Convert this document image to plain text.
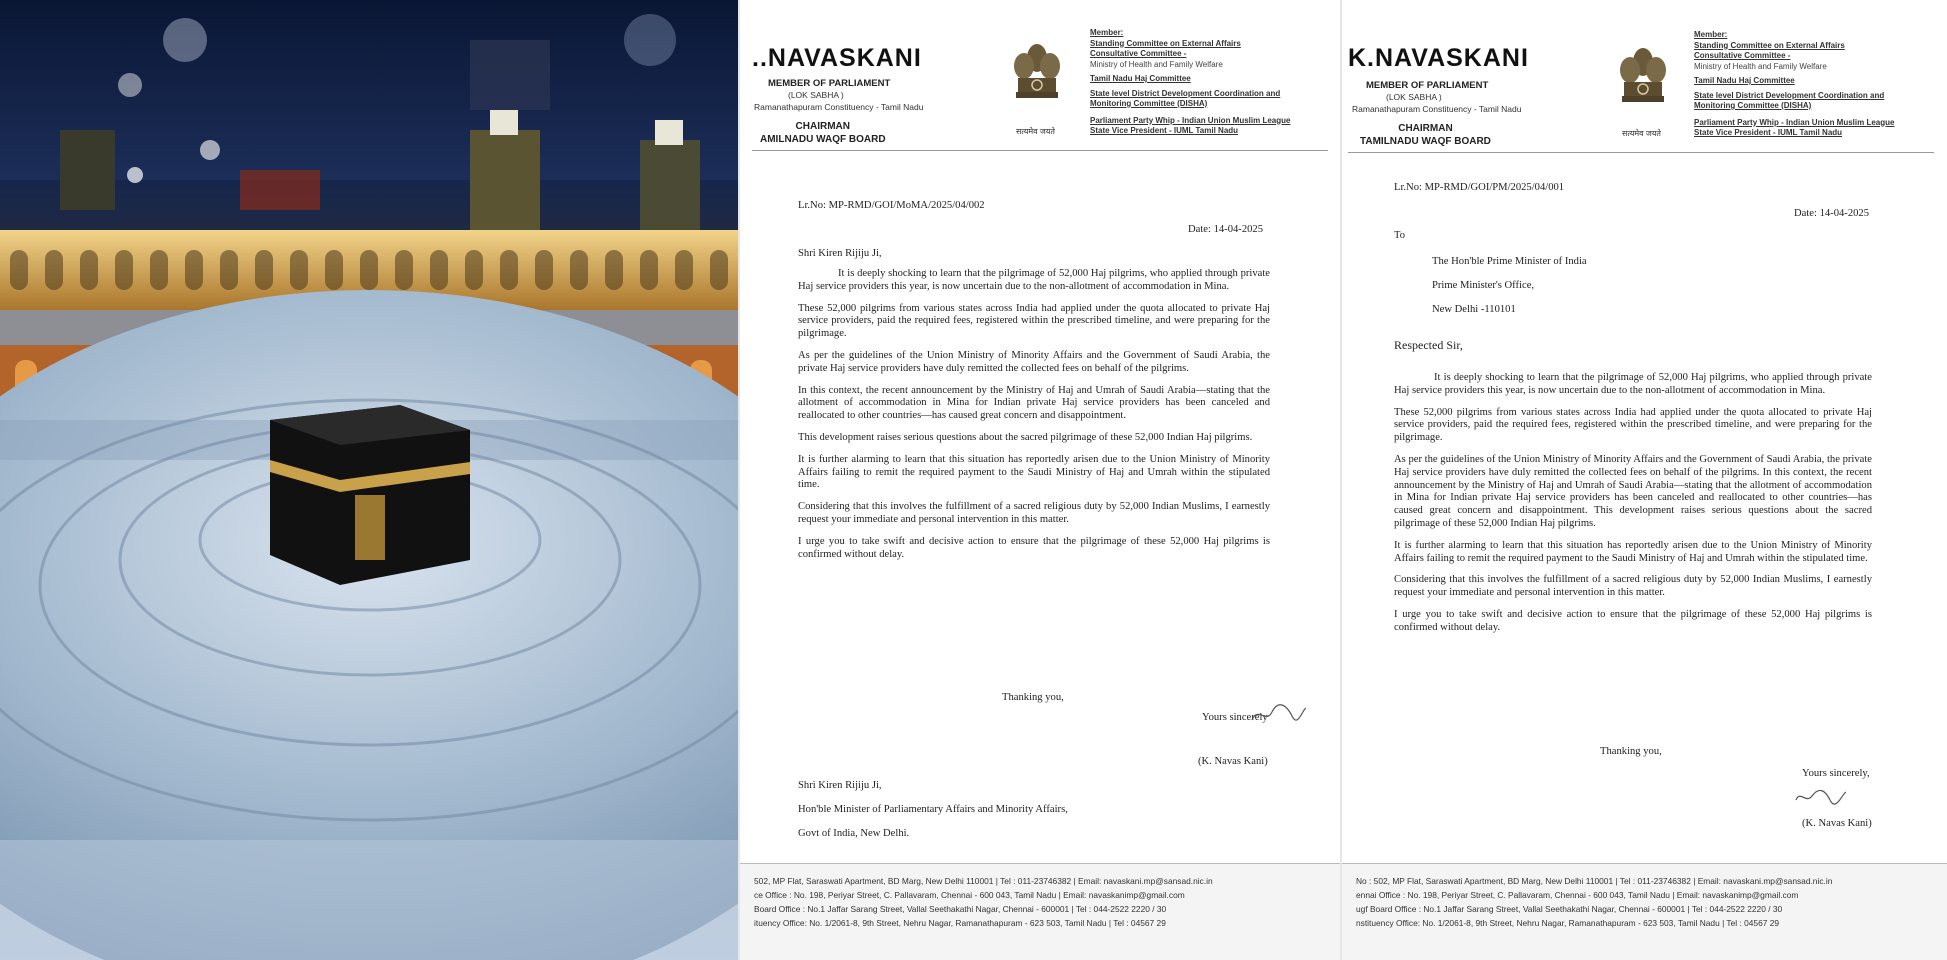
..NAVASKANI
MEMBER OF PARLIAMENT
(LOK SABHA )
Ramanathapuram Constituency - Tamil Nadu
CHAIRMAN
AMILNADU WAQF BOARD
सत्यमेव जयते
Member:
Standing Committee on External Affairs
Consultative Committee -
Ministry of Health and Family Welfare
Tamil Nadu Haj Committee
State level District Development Coordination and
Monitoring Committee (DISHA)
Parliament Party Whip - Indian Union Muslim League
State Vice President - IUML Tamil Nadu
Lr.No: MP-RMD/GOI/MoMA/2025/04/002
Date: 14-04-2025
Shri Kiren Rijiju Ji,

It is deeply shocking to learn that the pilgrimage of 52,000 Haj pilgrims, who applied through private Haj service providers this year, is now uncertain due to the non-allotment of accommodation in Mina.

These 52,000 pilgrims from various states across India had applied under the quota allocated to private Haj service providers, paid the required fees, registered within the prescribed timeline, and were preparing for the pilgrimage.

As per the guidelines of the Union Ministry of Minority Affairs and the Government of Saudi Arabia, the private Haj service providers have duly remitted the collected fees on behalf of the pilgrims.

In this context, the recent announcement by the Ministry of Haj and Umrah of Saudi Arabia—stating that the allotment of accommodation in Mina for Indian private Haj service providers has been canceled and reallocated to other countries—has caused great concern and disappointment.

This development raises serious questions about the sacred pilgrimage of these 52,000 Indian Haj pilgrims.

It is further alarming to learn that this situation has reportedly arisen due to the Union Ministry of Minority Affairs failing to remit the required payment to the Saudi Ministry of Haj and Umrah within the stipulated time.

Considering that this involves the fulfillment of a sacred religious duty by 52,000 Indian Muslims, I earnestly request your immediate and personal intervention in this matter.

I urge you to take swift and decisive action to ensure that the pilgrimage of these 52,000 Haj pilgrims is confirmed without delay.

Thanking you,
Yours sincerely
(K. Navas Kani)
Shri Kiren Rijiju Ji,
Hon'ble Minister of Parliamentary Affairs and Minority Affairs,
Govt of India, New Delhi.
502, MP Flat, Saraswati Apartment, BD Marg, New Delhi 110001 | Tel : 011-23746382 | Email: navaskani.mp@sansad.nic.in
ce Office : No. 198, Periyar Street, C. Pallavaram, Chennai - 600 043, Tamil Nadu | Email: navaskanimp@gmail.com
Board Office : No.1 Jaffar Sarang Street, Vallal Seethakathi Nagar, Chennai - 600001 | Tel : 044-2522 2220 / 30
ituency Office: No. 1/2061-8, 9th Street, Nehru Nagar, Ramanathapuram - 623 503, Tamil Nadu | Tel : 04567 29
K.NAVASKANI
MEMBER OF PARLIAMENT
(LOK SABHA )
Ramanathapuram Constituency - Tamil Nadu
CHAIRMAN
TAMILNADU WAQF BOARD
सत्यमेव जयते
Member:
Standing Committee on External Affairs
Consultative Committee -
Ministry of Health and Family Welfare
Tamil Nadu Haj Committee
State level District Development Coordination and
Monitoring Committee (DISHA)
Parliament Party Whip - Indian Union Muslim League
State Vice President - IUML Tamil Nadu
Lr.No: MP-RMD/GOI/PM/2025/04/001
Date: 14-04-2025
To
The Hon'ble Prime Minister of India
Prime Minister's Office,
New Delhi -110101
Respected Sir,

It is deeply shocking to learn that the pilgrimage of 52,000 Haj pilgrims, who applied through private Haj service providers this year, is now uncertain due to the non-allotment of accommodation in Mina.

These 52,000 pilgrims from various states across India had applied under the quota allocated to private Haj service providers, paid the required fees, registered within the prescribed timeline, and were preparing for the pilgrimage.

As per the guidelines of the Union Ministry of Minority Affairs and the Government of Saudi Arabia, the private Haj service providers have duly remitted the collected fees on behalf of the pilgrims. In this context, the recent announcement by the Ministry of Haj and Umrah of Saudi Arabia—stating that the allotment of accommodation in Mina for Indian private Haj service providers has been canceled and reallocated to other countries—has caused great concern and disappointment. This development raises serious questions about the sacred pilgrimage of these 52,000 Indian Haj pilgrims.

It is further alarming to learn that this situation has reportedly arisen due to the Union Ministry of Minority Affairs failing to remit the required payment to the Saudi Ministry of Haj and Umrah within the stipulated time.

Considering that this involves the fulfillment of a sacred religious duty by 52,000 Indian Muslims, I earnestly request your immediate and personal intervention in this matter.

I urge you to take swift and decisive action to ensure that the pilgrimage of these 52,000 Haj pilgrims is confirmed without delay.

Thanking you,
Yours sincerely,
(K. Navas Kani)
No : 502, MP Flat, Saraswati Apartment, BD Marg, New Delhi 110001 | Tel : 011-23746382 | Email: navaskani.mp@sansad.nic.in
ennai Office : No. 198, Periyar Street, C. Pallavaram, Chennai - 600 043, Tamil Nadu | Email: navaskanimp@gmail.com
ugf Board Office : No.1 Jaffar Sarang Street, Vallal Seethakathi Nagar, Chennai - 600001 | Tel : 044-2522 2220 / 30
nstituency Office: No. 1/2061-8, 9th Street, Nehru Nagar, Ramanathapuram - 623 503, Tamil Nadu | Tel : 04567 29
